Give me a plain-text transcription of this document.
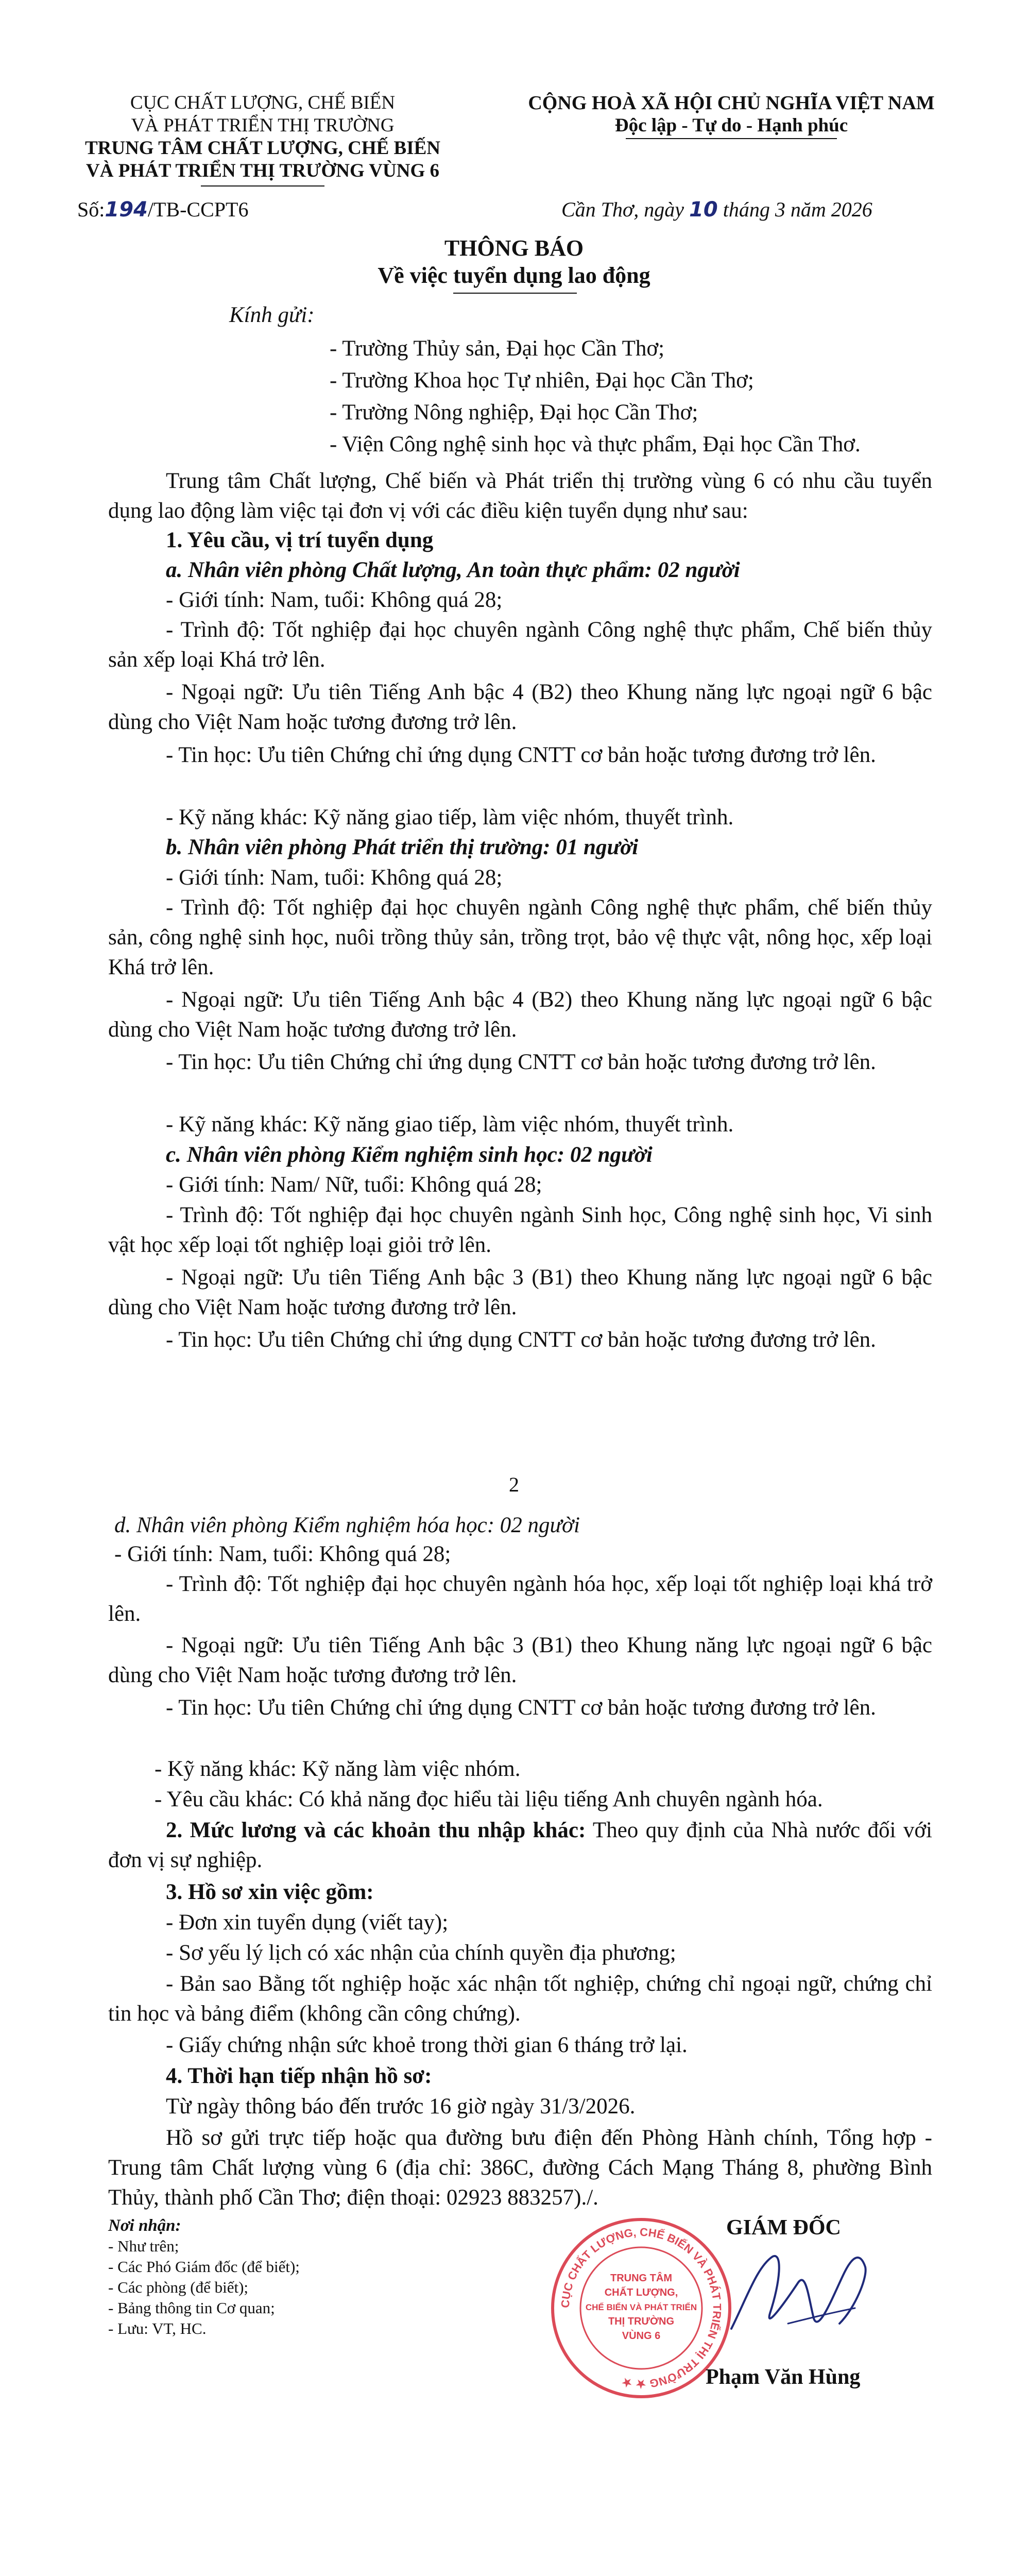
CỤC CHẤT LƯỢNG, CHẾ BIẾN
VÀ PHÁT TRIỂN THỊ TRƯỜNG
TRUNG TÂM CHẤT LƯỢNG, CHẾ BIẾN
VÀ PHÁT TRIỂN THỊ TRƯỜNG VÙNG 6
CỘNG HOÀ XÃ HỘI CHỦ NGHĨA VIỆT NAM
Độc lập - Tự do - Hạnh phúc
Số:194/TB-CCPT6	Cần Thơ, ngày 10 tháng 3 năm 2026
THÔNG BÁO
Về việc tuyển dụng lao động
Kính gửi:
- Trường Thủy sản, Đại học Cần Thơ;
- Trường Khoa học Tự nhiên, Đại học Cần Thơ;
- Trường Nông nghiệp, Đại học Cần Thơ;
- Viện Công nghệ sinh học và thực phẩm, Đại học Cần Thơ.

Trung tâm Chất lượng, Chế biến và Phát triển thị trường vùng 6 có nhu cầu tuyển dụng lao động làm việc tại đơn vị với các điều kiện tuyển dụng như sau:

1. Yêu cầu, vị trí tuyển dụng
a. Nhân viên phòng Chất lượng, An toàn thực phẩm: 02 người
- Giới tính: Nam, tuổi: Không quá 28;

- Trình độ: Tốt nghiệp đại học chuyên ngành Công nghệ thực phẩm, Chế biến thủy sản xếp loại Khá trở lên.

- Ngoại ngữ: Ưu tiên Tiếng Anh bậc 4 (B2) theo Khung năng lực ngoại ngữ 6 bậc dùng cho Việt Nam hoặc tương đương trở lên.

- Tin học: Ưu tiên Chứng chỉ ứng dụng CNTT cơ bản hoặc tương đương trở lên.

- Kỹ năng khác: Kỹ năng giao tiếp, làm việc nhóm, thuyết trình.
b. Nhân viên phòng Phát triển thị trường: 01 người
- Giới tính: Nam, tuổi: Không quá 28;

- Trình độ: Tốt nghiệp đại học chuyên ngành Công nghệ thực phẩm, chế biến thủy sản, công nghệ sinh học, nuôi trồng thủy sản, trồng trọt, bảo vệ thực vật, nông học, xếp loại Khá trở lên.

- Ngoại ngữ: Ưu tiên Tiếng Anh bậc 4 (B2) theo Khung năng lực ngoại ngữ 6 bậc dùng cho Việt Nam hoặc tương đương trở lên.

- Tin học: Ưu tiên Chứng chỉ ứng dụng CNTT cơ bản hoặc tương đương trở lên.

- Kỹ năng khác: Kỹ năng giao tiếp, làm việc nhóm, thuyết trình.
c. Nhân viên phòng Kiểm nghiệm sinh học: 02 người
- Giới tính: Nam/ Nữ, tuổi: Không quá 28;

- Trình độ: Tốt nghiệp đại học chuyên ngành Sinh học, Công nghệ sinh học, Vi sinh vật học xếp loại tốt nghiệp loại giỏi trở lên.

- Ngoại ngữ: Ưu tiên Tiếng Anh bậc 3 (B1) theo Khung năng lực ngoại ngữ 6 bậc dùng cho Việt Nam hoặc tương đương trở lên.

- Tin học: Ưu tiên Chứng chỉ ứng dụng CNTT cơ bản hoặc tương đương trở lên.

2
d. Nhân viên phòng Kiểm nghiệm hóa học: 02 người
- Giới tính: Nam, tuổi: Không quá 28;

- Trình độ: Tốt nghiệp đại học chuyên ngành hóa học, xếp loại tốt nghiệp loại khá trở lên.

- Ngoại ngữ: Ưu tiên Tiếng Anh bậc 3 (B1) theo Khung năng lực ngoại ngữ 6 bậc dùng cho Việt Nam hoặc tương đương trở lên.

- Tin học: Ưu tiên Chứng chỉ ứng dụng CNTT cơ bản hoặc tương đương trở lên.

- Kỹ năng khác: Kỹ năng làm việc nhóm.
- Yêu cầu khác: Có khả năng đọc hiểu tài liệu tiếng Anh chuyên ngành hóa.

2. Mức lương và các khoản thu nhập khác: Theo quy định của Nhà nước đối với đơn vị sự nghiệp.

3. Hồ sơ xin việc gồm:
- Đơn xin tuyển dụng (viết tay);
- Sơ yếu lý lịch có xác nhận của chính quyền địa phương;

- Bản sao Bằng tốt nghiệp hoặc xác nhận tốt nghiệp, chứng chỉ ngoại ngữ, chứng chỉ tin học và bảng điểm (không cần công chứng).

- Giấy chứng nhận sức khoẻ trong thời gian 6 tháng trở lại.
4. Thời hạn tiếp nhận hồ sơ:
Từ ngày thông báo đến trước 16 giờ ngày 31/3/2026.

Hồ sơ gửi trực tiếp hoặc qua đường bưu điện đến Phòng Hành chính, Tổng hợp - Trung tâm Chất lượng vùng 6 (địa chỉ: 386C, đường Cách Mạng Tháng 8, phường Bình Thủy, thành phố Cần Thơ; điện thoại: 02923 883257)./.

Nơi nhận:
- Như trên;
- Các Phó Giám đốc (để biết);
- Các phòng (để biết);
- Bảng thông tin Cơ quan;
- Lưu: VT, HC.
GIÁM ĐỐC
CỤC CHẤT LƯỢNG, CHẾ BIẾN VÀ PHÁT TRIỂN THỊ TRƯỜNG ★ ★
TRUNG TÂM
CHẤT LƯỢNG,
CHẾ BIẾN VÀ PHÁT TRIỂN
THỊ TRƯỜNG
VÙNG 6
Phạm Văn Hùng
